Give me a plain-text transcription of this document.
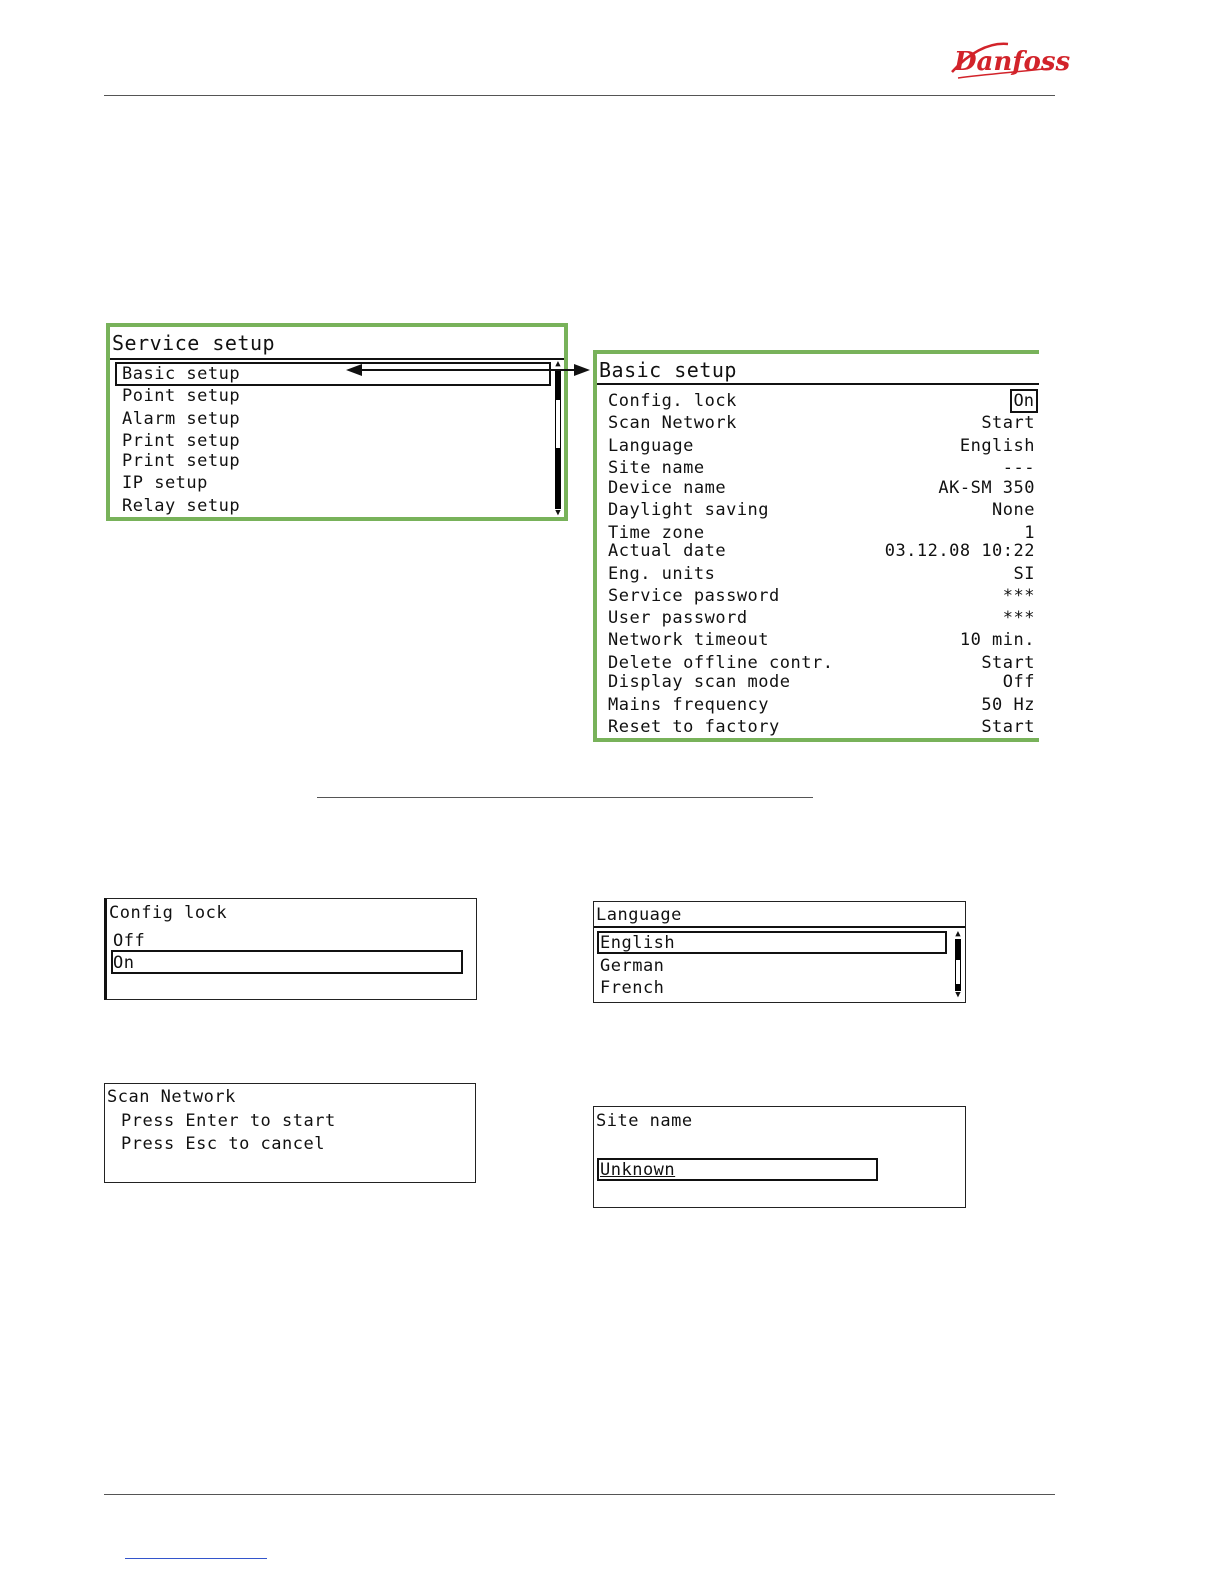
Danfoss
Service setup
Basic setup
Point setup
Alarm setup
Print setup
Print setup
IP setup
Relay setup
▲
▼
Basic setup
Config. lock	On
Scan Network	Start
Language	English
Site name	---
Device name	AK-SM 350
Daylight saving	None
Time zone	1
Actual date	03.12.08 10:22
Eng. units	SI
Service password	***
User password	***
Network timeout	10 min.
Delete offline contr.	Start
Display scan mode	Off
Mains frequency	50 Hz
Reset to factory	Start
Config lock
Off
On
Language
English
German
French
▲
▼
Scan Network
Press Enter to start
Press Esc to cancel
Site name
Unknown
